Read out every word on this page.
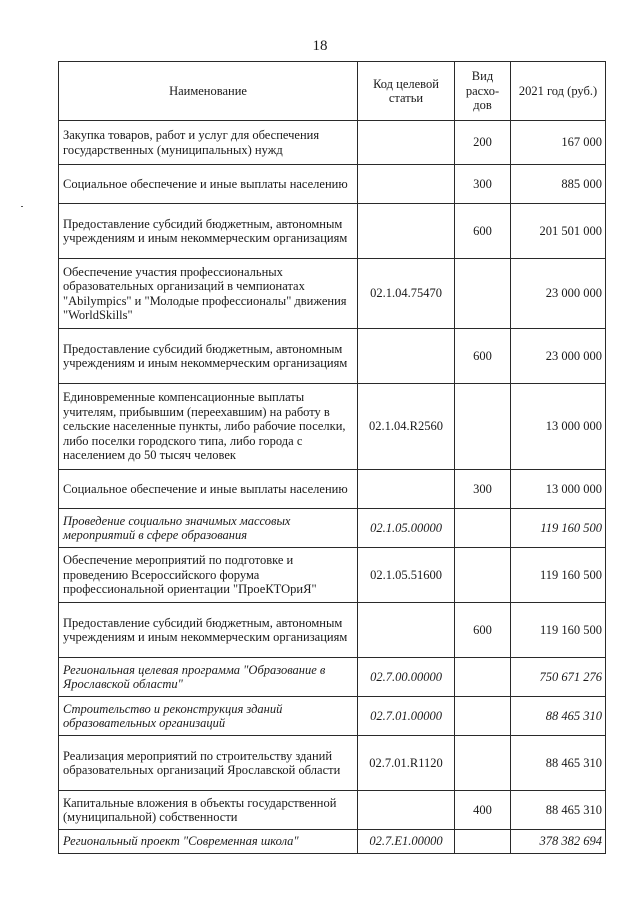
18
Наименование	Код целевой статьи	Вид расхо-дов	2021 год (руб.)
Закупка товаров, работ и услуг для обеспечения государственных (муниципальных) нужд		200	167 000
Социальное обеспечение и иные выплаты населению		300	885 000
Предоставление субсидий бюджетным, автономным учреждениям и иным некоммерческим организациям		600	201 501 000
Обеспечение участия профессиональных образовательных организаций в чемпионатах "Abilympics" и "Молодые профессионалы" движения "WorldSkills"	02.1.04.75470		23 000 000
Предоставление субсидий бюджетным, автономным учреждениям и иным некоммерческим организациям		600	23 000 000
Единовременные компенсационные выплаты учителям, прибывшим (переехавшим) на работу в сельские населенные пункты, либо рабочие поселки, либо поселки городского типа, либо города с населением до 50 тысяч человек	02.1.04.R2560		13 000 000
Социальное обеспечение и иные выплаты населению		300	13 000 000
Проведение социально значимых массовых мероприятий в сфере образования	02.1.05.00000		119 160 500
Обеспечение мероприятий по подготовке и проведению Всероссийского форума профессиональной ориентации "ПроеКТОриЯ"	02.1.05.51600		119 160 500
Предоставление субсидий бюджетным, автономным учреждениям и иным некоммерческим организациям		600	119 160 500
Региональная целевая программа "Образование в Ярославской области"	02.7.00.00000		750 671 276
Строительство и реконструкция зданий образовательных организаций	02.7.01.00000		88 465 310
Реализация мероприятий по строительству зданий образовательных организаций Ярославской области	02.7.01.R1120		88 465 310
Капитальные вложения в объекты государственной (муниципальной) собственности		400	88 465 310
Региональный проект "Современная школа"	02.7.E1.00000		378 382 694
